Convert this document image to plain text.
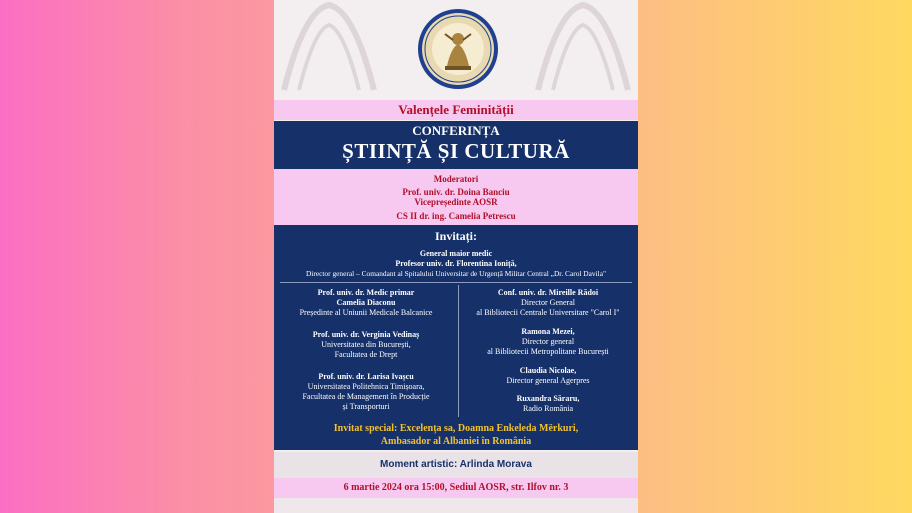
Valențele Feminității
CONFERINȚA
ȘTIINȚĂ ȘI CULTURĂ
Moderatori
Prof. univ. dr. Doina Banciu
Vicepreședinte AOSR
CS II dr. ing. Camelia Petrescu
Invitați:
General maior medic
Profesor univ. dr. Florentina Ioniță,
Director general – Comandant al Spitalului Universitar de Urgență Militar Central „Dr. Carol Davila"
Prof. univ. dr. Medic primar
Camelia Diaconu
Președinte al Uniunii Medicale Balcanice
Prof. univ. dr. Verginia Vedinaș
Universitatea din București,
Facultatea de Drept
Prof. univ. dr. Larisa Ivașcu
Universitatea Politehnica Timișoara,
Facultatea de Management în Producție
și Transporturi
Conf. univ. dr. Mireille Rădoi
Director General
al Bibliotecii Centrale Universitare "Carol I"
Ramona Mezei,
Director general
al Bibliotecii Metropolitane București
Claudia Nicolae,
Director general Agerpres
Ruxandra Săraru,
Radio România
Invitat special: Excelența sa, Doamna Enkeleda Mërkuri,
Ambasador al Albaniei în România
Moment artistic: Arlinda Morava
6 martie 2024 ora 15:00, Sediul AOSR, str. Ilfov nr. 3
